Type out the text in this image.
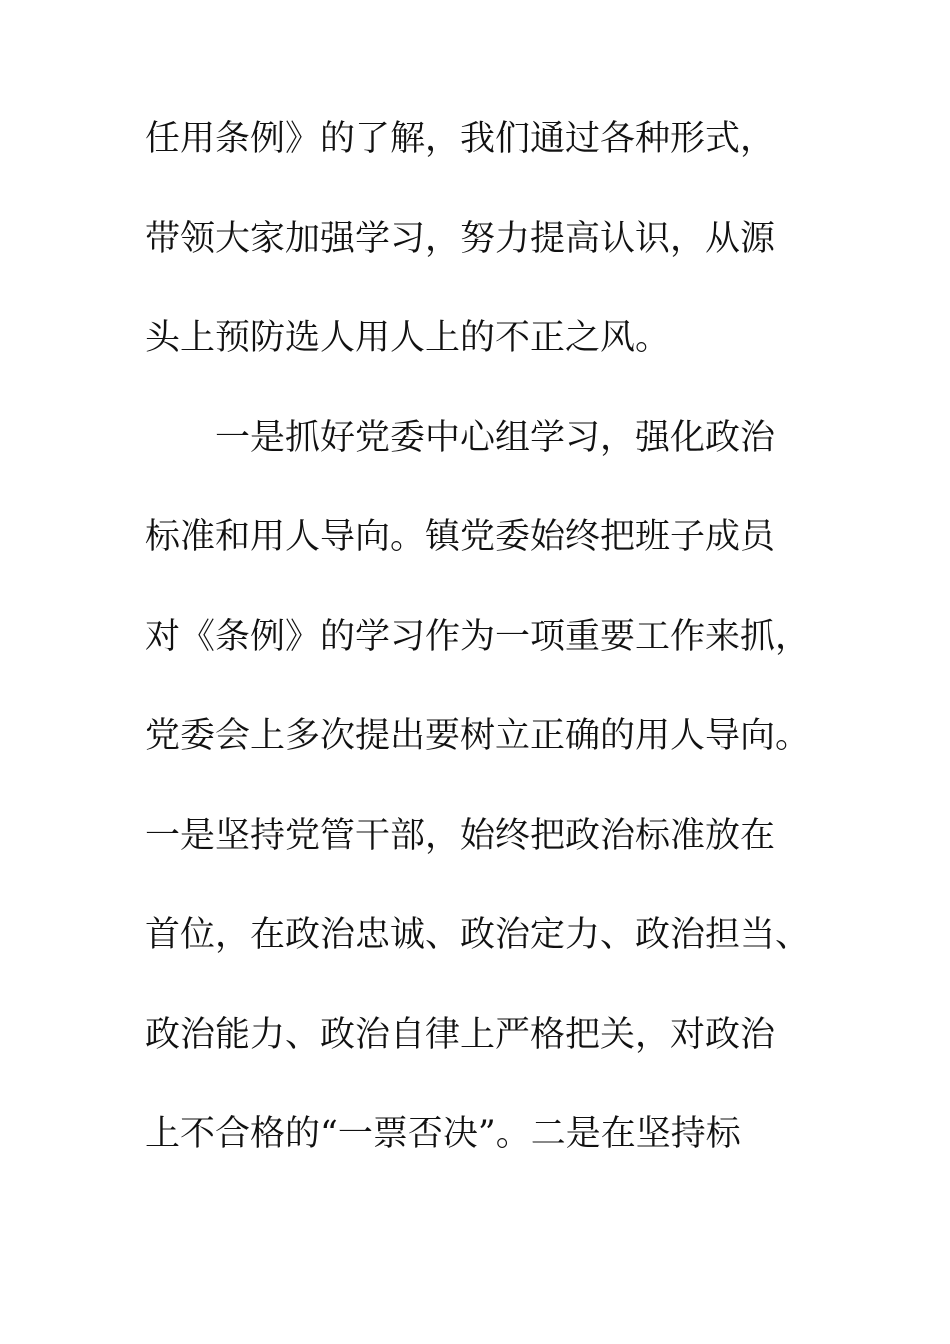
任用条例》的了解，我们通过各种形式，
带领大家加强学习，努力提高认识，从源
头上预防选人用人上的不正之风。
一是抓好党委中心组学习，强化政治
标准和用人导向。镇党委始终把班子成员
对《条例》的学习作为一项重要工作来抓，
党委会上多次提出要树立正确的用人导向。
一是坚持党管干部，始终把政治标准放在
首位，在政治忠诚、政治定力、政治担当、
政治能力、政治自律上严格把关，对政治
上不合格的“一票否决”。二是在坚持标
